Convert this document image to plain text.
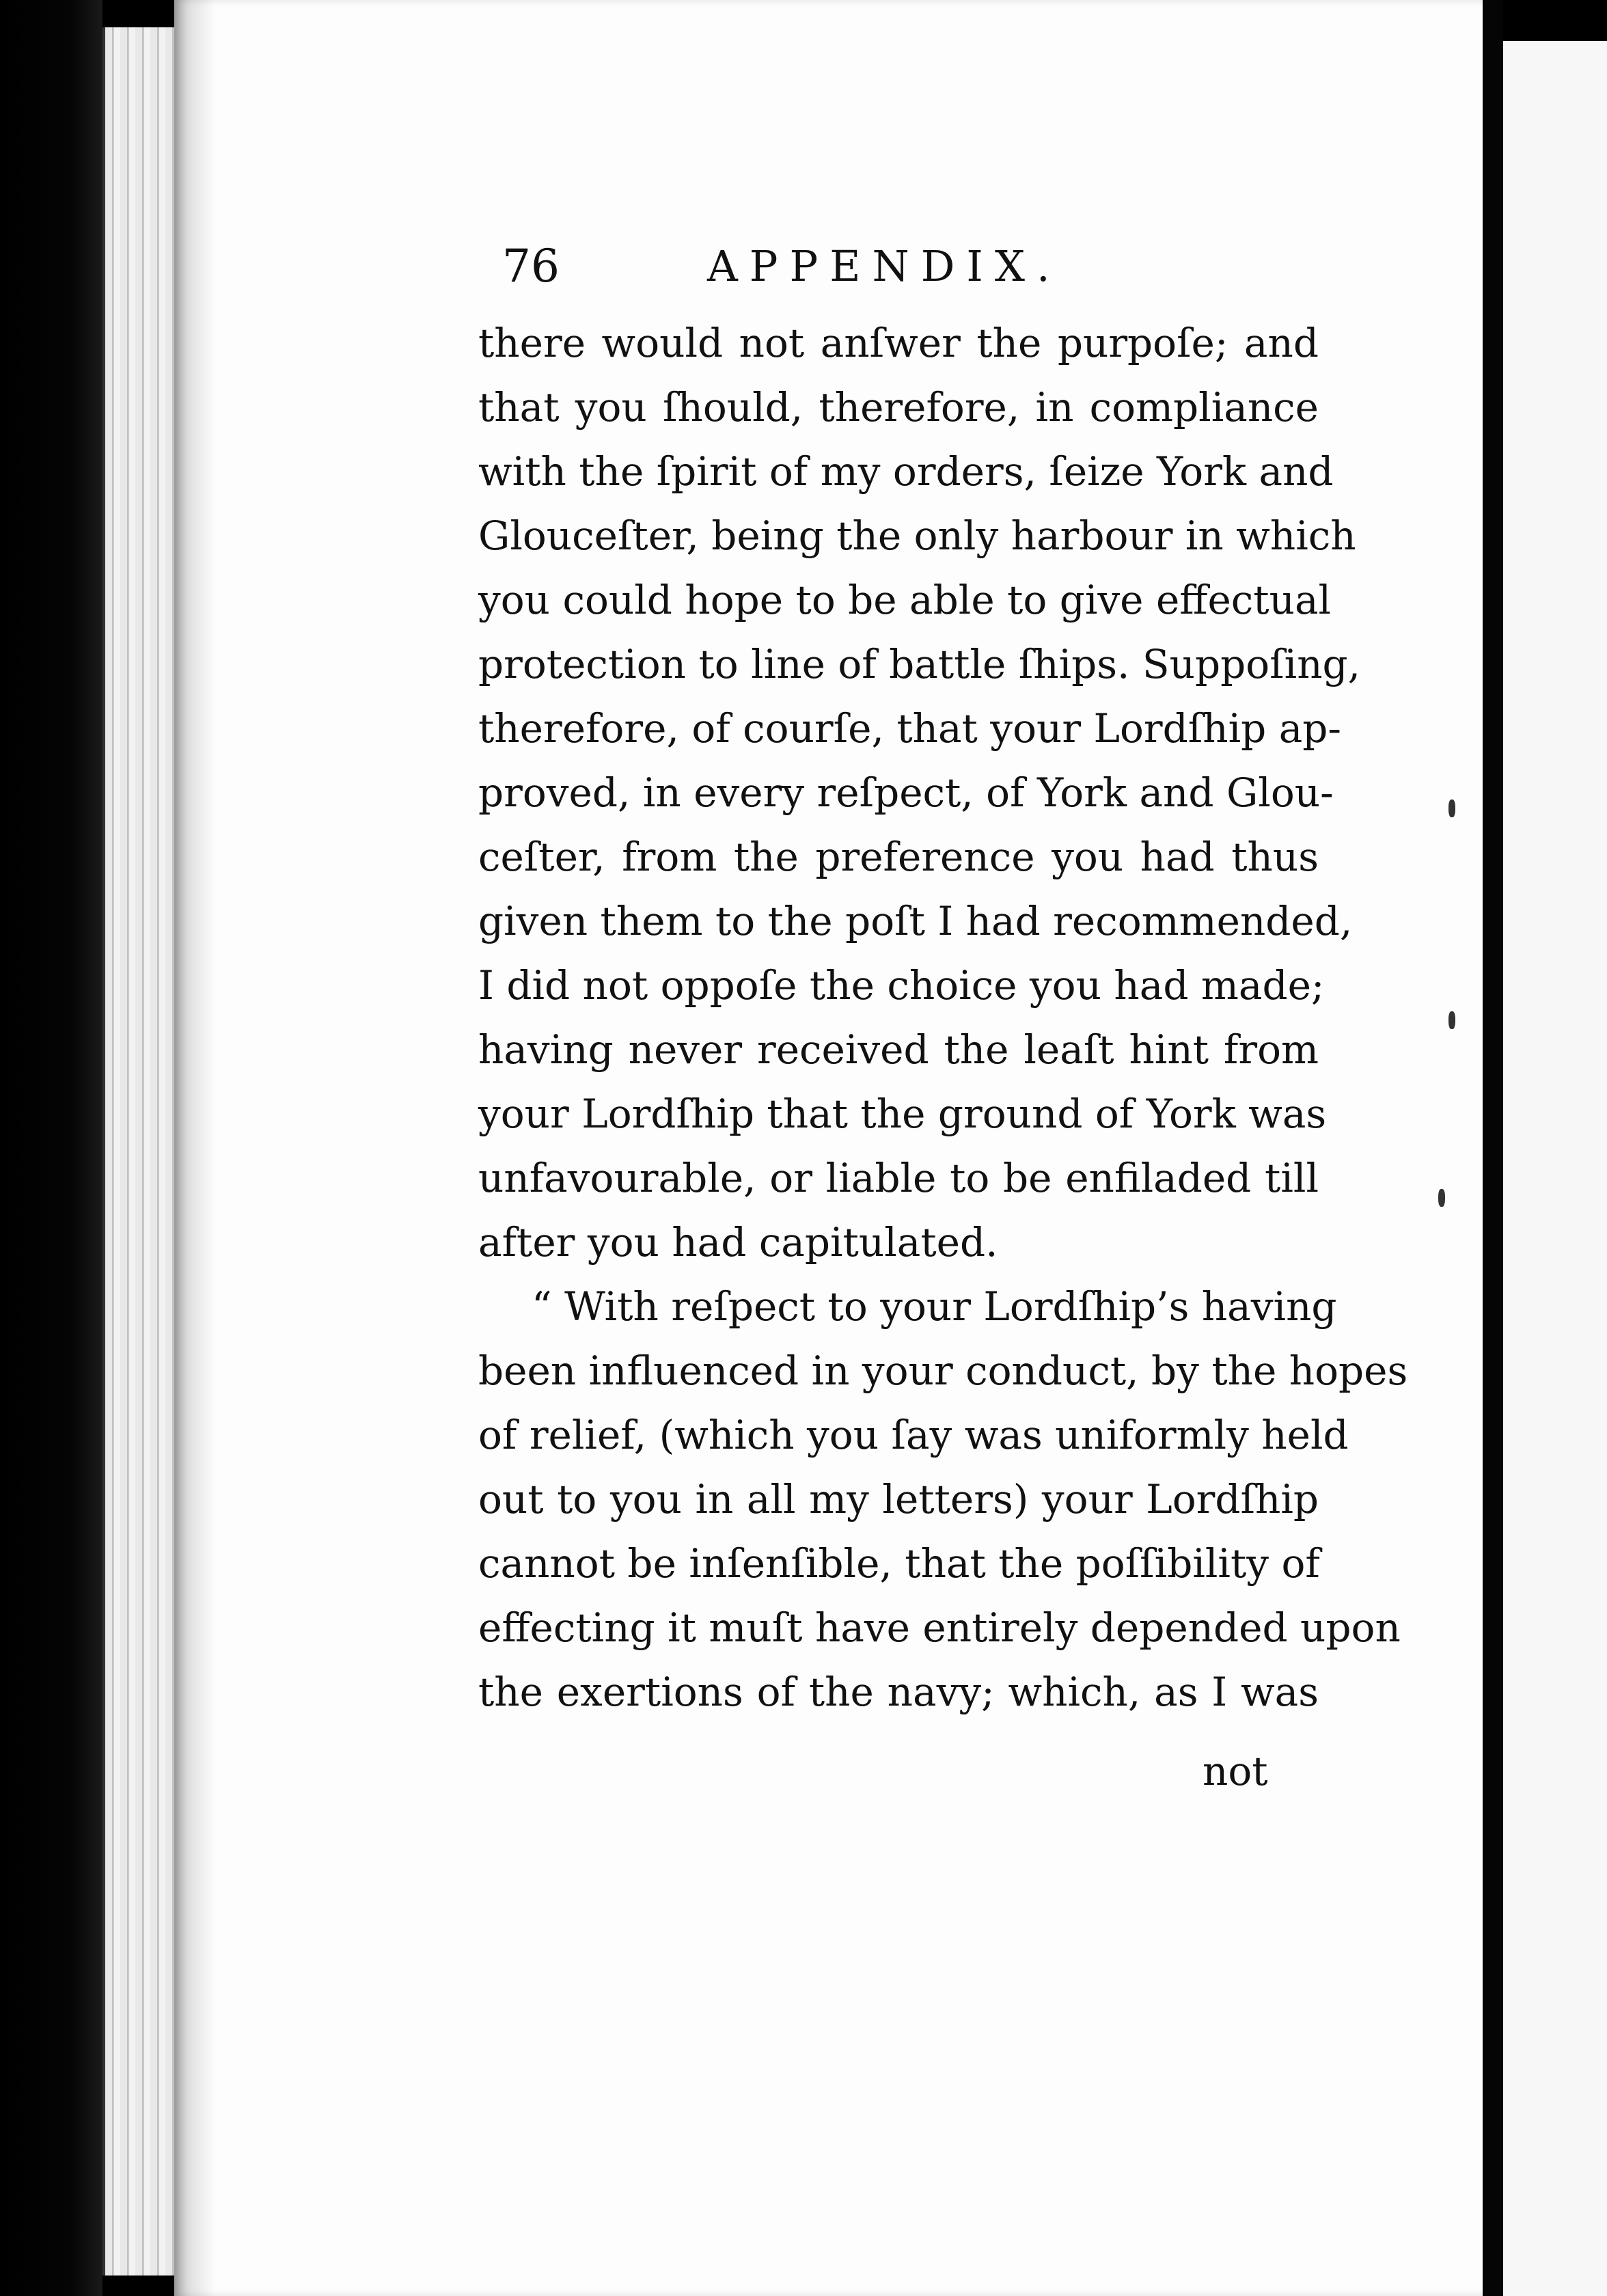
76	APPENDIX.
there would not anſwer the purpoſe; and
that you ſhould, therefore, in compliance
with the ſpirit of my orders, ſeize York and
Glouceſter, being the only harbour in which
you could hope to be able to give effectual
protection to line of battle ſhips. Suppoſing,
therefore, of courſe, that your Lordſhip ap-
proved, in every reſpect, of York and Glou-
ceſter, from the preference you had thus
given them to the poſt I had recommended,
I did not oppoſe the choice you had made;
having never received the leaſt hint from
your Lordſhip that the ground of York was
unfavourable, or liable to be enfiladed till
after you had capitulated.
“ With reſpect to your Lordſhip’s having
been influenced in your conduct, by the hopes
of relief, (which you ſay was uniformly held
out to you in all my letters) your Lordſhip
cannot be inſenſible, that the poſſibility of
effecting it muſt have entirely depended upon
the exertions of the navy; which, as I was
not
